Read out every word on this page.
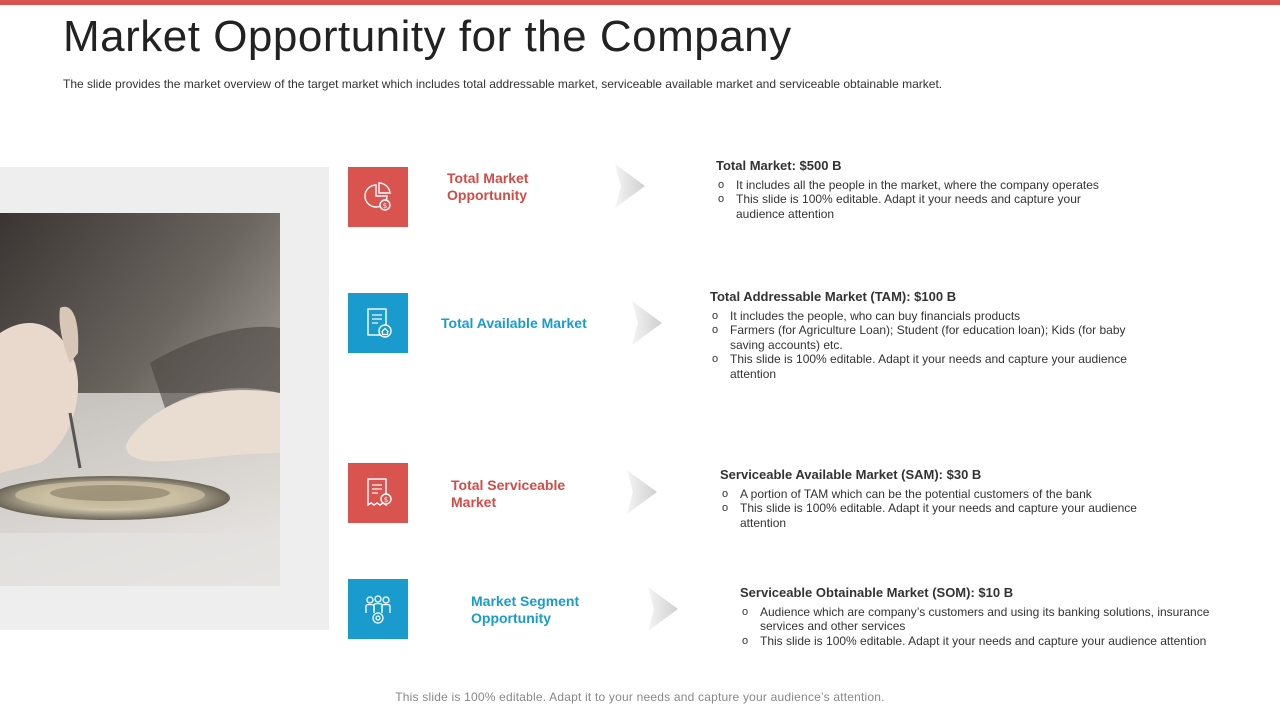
Market Opportunity for the Company
The slide provides the market overview of the target market which includes total addressable market, serviceable available market and serviceable obtainable market.
$
Total Market
Opportunity
Total Market: $500 B
o It includes all the people in the market, where the company operates
o This slide is 100% editable. Adapt it your needs and capture your audience attention
Total Available Market
Total Addressable Market (TAM): $100 B
o It includes the people, who can buy financials products
o Farmers (for Agriculture Loan); Student (for education loan); Kids (for baby saving accounts) etc.
o This slide is 100% editable. Adapt it your needs and capture your audience attention
$
Total Serviceable
Market
Serviceable Available Market (SAM): $30 B
o A portion of TAM which can be the potential customers of the bank
o This slide is 100% editable. Adapt it your needs and capture your audience attention
Market Segment
Opportunity
Serviceable Obtainable Market (SOM): $10 B
o Audience which are company’s customers and using its banking solutions, insurance services and other services
o This slide is 100% editable. Adapt it your needs and capture your audience attention
This slide is 100% editable. Adapt it to your needs and capture your audience’s attention.
